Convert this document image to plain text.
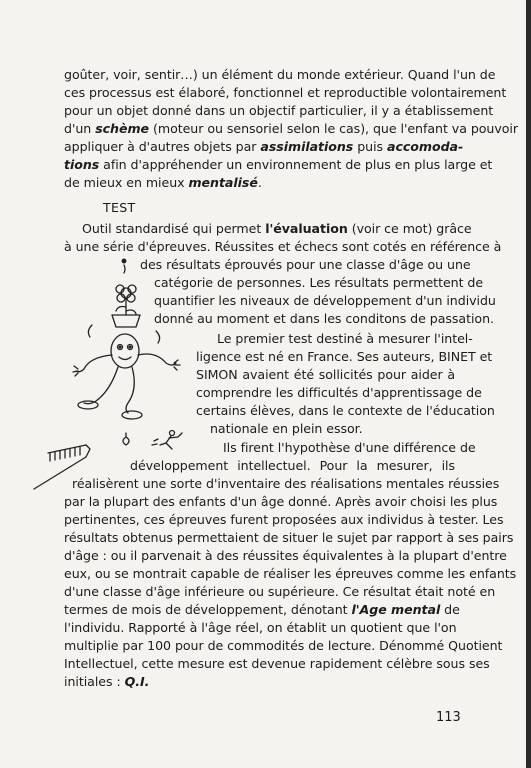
goûter, voir, sentir…) un élément du monde extérieur. Quand l'un de
ces processus est élaboré, fonctionnel et reproductible volontairement
pour un objet donné dans un objectif particulier, il y a établissement
d'un schème (moteur ou sensoriel selon le cas), que l'enfant va pouvoir
appliquer à d'autres objets par assimilations puis accomoda-
tions afin d'appréhender un environnement de plus en plus large et
de mieux en mieux mentalisé.
TEST
Outil standardisé qui permet l'évaluation (voir ce mot) grâce
à une série d'épreuves. Réussites et échecs sont cotés en référence à
des résultats éprouvés pour une classe d'âge ou une
catégorie de personnes. Les résultats permettent de
quantifier les niveaux de développement d'un individu
donné au moment et dans les conditons de passation.
Le premier test destiné à mesurer l'intel-
ligence est né en France. Ses auteurs, BINET et
SIMON avaient été sollicités pour aider à
comprendre les difficultés d'apprentissage de
certains élèves, dans le contexte de l'éducation
nationale en plein essor.
Ils firent l'hypothèse d'une différence de
développement intellectuel. Pour la mesurer, ils
réalisèrent une sorte d'inventaire des réalisations mentales réussies
par la plupart des enfants d'un âge donné. Après avoir choisi les plus
pertinentes, ces épreuves furent proposées aux individus à tester. Les
résultats obtenus permettaient de situer le sujet par rapport à ses pairs
d'âge : ou il parvenait à des réussites équivalentes à la plupart d'entre
eux, ou se montrait capable de réaliser les épreuves comme les enfants
d'une classe d'âge inférieure ou supérieure. Ce résultat était noté en
termes de mois de développement, dénotant l'Age mental de
l'individu. Rapporté à l'âge réel, on établit un quotient que l'on
multiplie par 100 pour de commodités de lecture. Dénommé Quotient
Intellectuel, cette mesure est devenue rapidement célèbre sous ses
initiales : Q.I.
113
